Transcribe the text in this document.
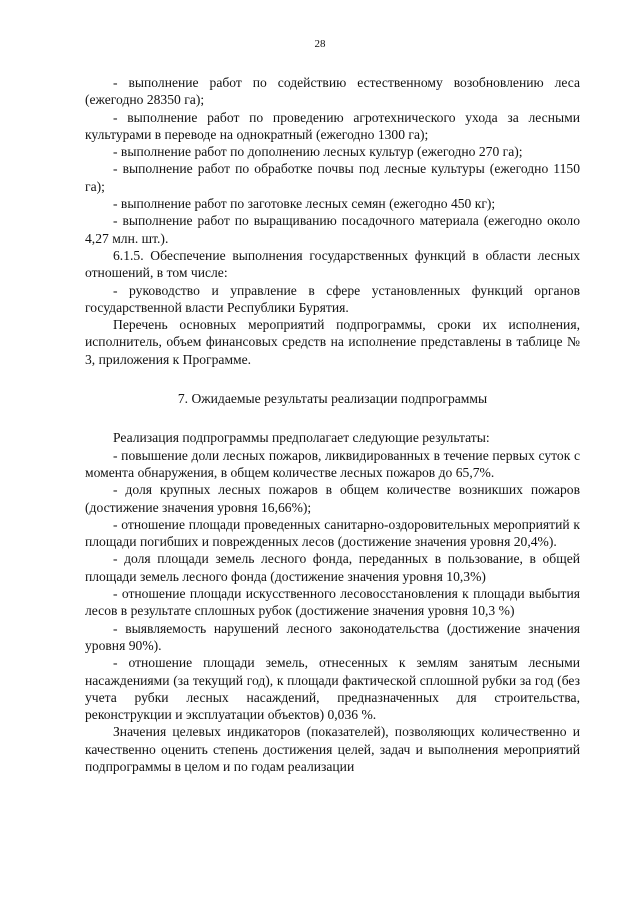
28

- выполнение работ по содействию естественному возобновлению леса (ежегодно 28350 га);

- выполнение работ по проведению агротехнического ухода за лесными культурами в переводе на однократный (ежегодно 1300 га);

- выполнение работ по дополнению лесных культур (ежегодно 270 га);

- выполнение работ по обработке почвы под лесные культуры (ежегодно 1150 га);

- выполнение работ по заготовке лесных семян (ежегодно 450 кг);

- выполнение работ по выращиванию посадочного материала (ежегодно около 4,27 млн. шт.).

6.1.5. Обеспечение выполнения государственных функций в области лесных отношений, в том числе:

- руководство и управление в сфере установленных функций органов государственной власти Республики Бурятия.

Перечень основных мероприятий подпрограммы, сроки их исполнения, исполнитель, объем финансовых средств на исполнение представлены в таблице № 3, приложения к Программе.

7. Ожидаемые результаты реализации подпрограммы

Реализация подпрограммы предполагает следующие результаты:

- повышение доли лесных пожаров, ликвидированных в течение первых суток с момента обнаружения, в общем количестве лесных пожаров до 65,7%.

- доля крупных лесных пожаров в общем количестве возникших пожаров (достижение значения уровня 16,66%);

- отношение площади проведенных санитарно-оздоровительных мероприятий к площади погибших и поврежденных лесов (достижение значения уровня 20,4%).

- доля площади земель лесного фонда, переданных в пользование, в общей площади земель лесного фонда (достижение значения уровня 10,3%)

- отношение площади искусственного лесовосстановления к площади выбытия лесов в результате сплошных рубок (достижение значения уровня 10,3 %)

- выявляемость нарушений лесного законодательства (достижение значения уровня 90%).

- отношение площади земель, отнесенных к землям занятым лесными насаждениями (за текущий год), к площади фактической сплошной рубки за год (без учета рубки лесных насаждений, предназначенных для строительства, реконструкции и эксплуатации объектов) 0,036 %.

Значения целевых индикаторов (показателей), позволяющих количественно и качественно оценить степень достижения целей, задач и выполнения мероприятий подпрограммы в целом и по годам реализации
